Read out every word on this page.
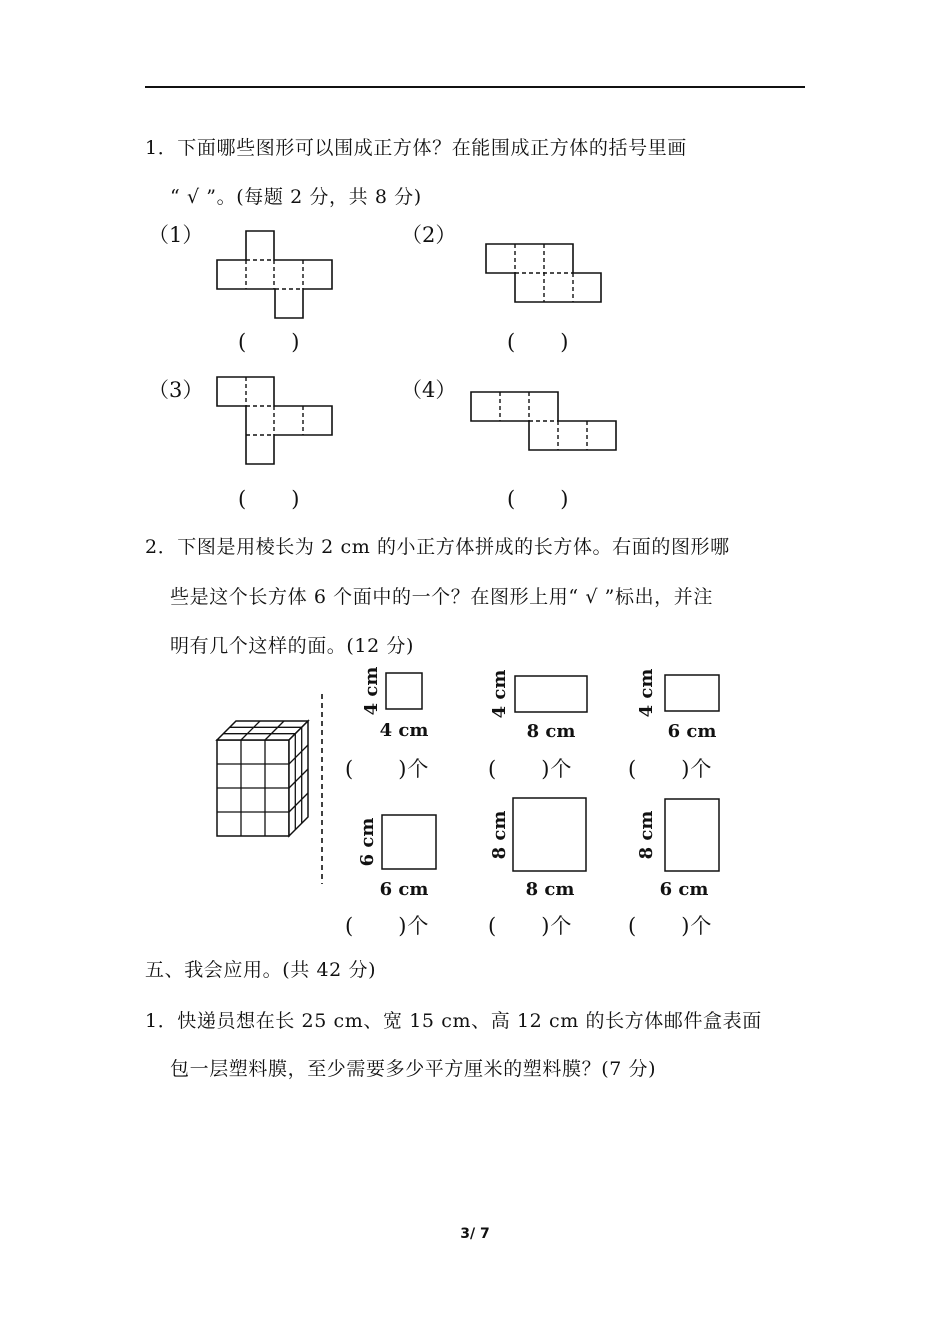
1．下面哪些图形可以围成正方体？在能围成正方体的括号里画
“ √ ”。(每题 2 分，共 8 分)
（1）	（2）
（3）	（4）
(　　)	(　　)
(　　)	(　　)
2．下图是用棱长为 2 cm 的小正方体拼成的长方体。右面的图形哪
些是这个长方体 6 个面中的一个？在图形上用“ √ ”标出，并注
明有几个这样的面。(12 分)
4 cm
4 cm
4 cm
8 cm
4 cm
6 cm
(　　)个	(　　)个	(　　)个
6 cm
6 cm
8 cm
8 cm
8 cm
6 cm
(　　)个	(　　)个	(　　)个
五、我会应用。(共 42 分)
1．快递员想在长 25 cm、宽 15 cm、高 12 cm 的长方体邮件盒表面
包一层塑料膜，至少需要多少平方厘米的塑料膜？(7 分)
3/ 7
